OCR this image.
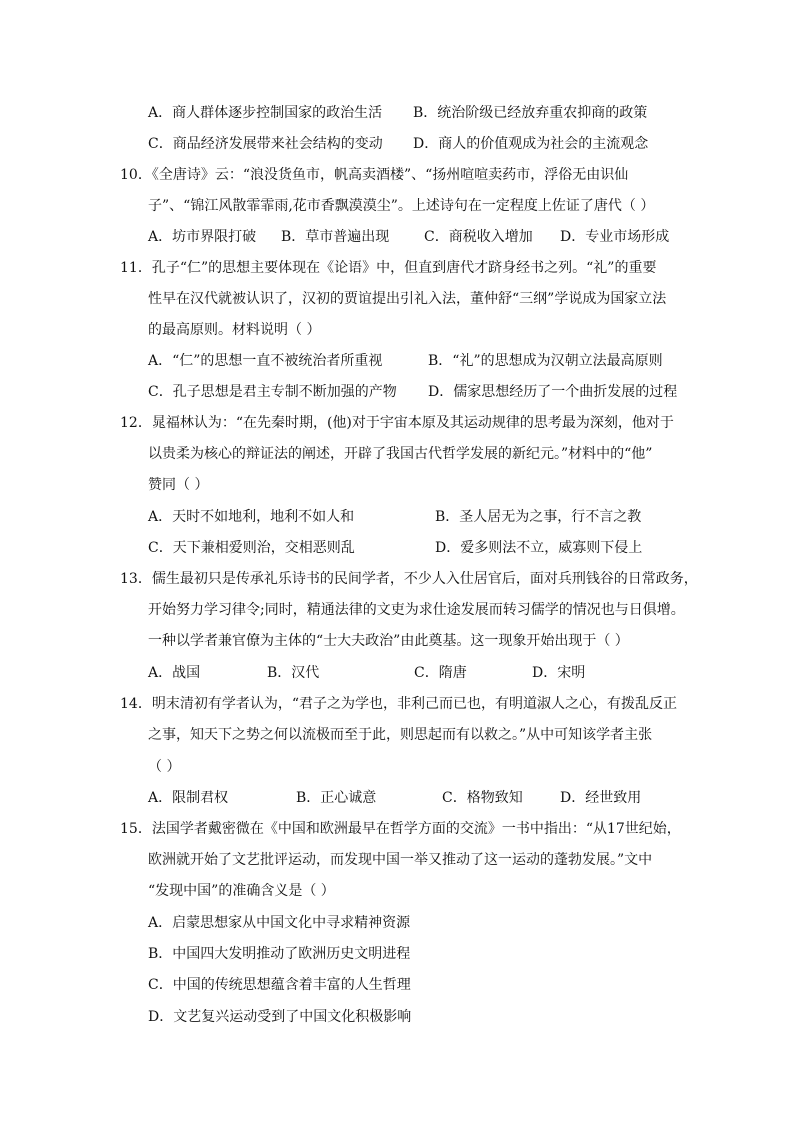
A．商人群体逐步控制国家的政治生活 B．统治阶级已经放弃重农抑商的政策
C．商品经济发展带来社会结构的变动 D．商人的价值观成为社会的主流观念
10．《全唐诗》云：“浪没货鱼市，帆高卖酒楼”、“扬州喧喧卖药市，浮俗无由识仙
子”、“锦江风散霏霏雨,花市香飘漠漠尘”。上述诗句在一定程度上佐证了唐代（ ）
A．坊市界限打破 B．草市普遍出现 C．商税收入增加 D．专业市场形成
11．孔子“仁”的思想主要体现在《论语》中，但直到唐代才跻身经书之列。“礼”的重要
性早在汉代就被认识了，汉初的贾谊提出引礼入法，董仲舒“三纲”学说成为国家立法
的最高原则。材料说明（ ）
A．“仁”的思想一直不被统治者所重视	B．“礼”的思想成为汉朝立法最高原则
C．孔子思想是君主专制不断加强的产物 D．儒家思想经历了一个曲折发展的过程
12．晁福林认为：“在先秦时期，(他)对于宇宙本原及其运动规律的思考最为深刻，他对于
以贵柔为核心的辩证法的阐述，开辟了我国古代哲学发展的新纪元。”材料中的“他”
赞同（ ）
A．天时不如地利，地利不如人和	B．圣人居无为之事，行不言之教
C．天下兼相爱则治，交相恶则乱	D．爱多则法不立，威寡则下侵上
13．儒生最初只是传承礼乐诗书的民间学者，不少人入仕居官后，面对兵刑钱谷的日常政务，
开始努力学习律令;同时，精通法律的文吏为求仕途发展而转习儒学的情况也与日俱增。
一种以学者兼官僚为主体的“士大夫政治”由此奠基。这一现象开始出现于（ ）
A．战国	B．汉代	C．隋唐	D．宋明
14．明末清初有学者认为，“君子之为学也，非利己而已也，有明道淑人之心，有拨乱反正
之事，知天下之势之何以流极而至于此，则思起而有以救之。”从中可知该学者主张
（ ）
A．限制君权	B．正心诚意	C．格物致知	D．经世致用
15．法国学者戴密微在《中国和欧洲最早在哲学方面的交流》一书中指出：“从17世纪始，
欧洲就开始了文艺批评运动，而发现中国一举又推动了这一运动的蓬勃发展。”文中
“发现中国”的准确含义是（ ）
A．启蒙思想家从中国文化中寻求精神资源
B．中国四大发明推动了欧洲历史文明进程
C．中国的传统思想蕴含着丰富的人生哲理
D．文艺复兴运动受到了中国文化积极影响
